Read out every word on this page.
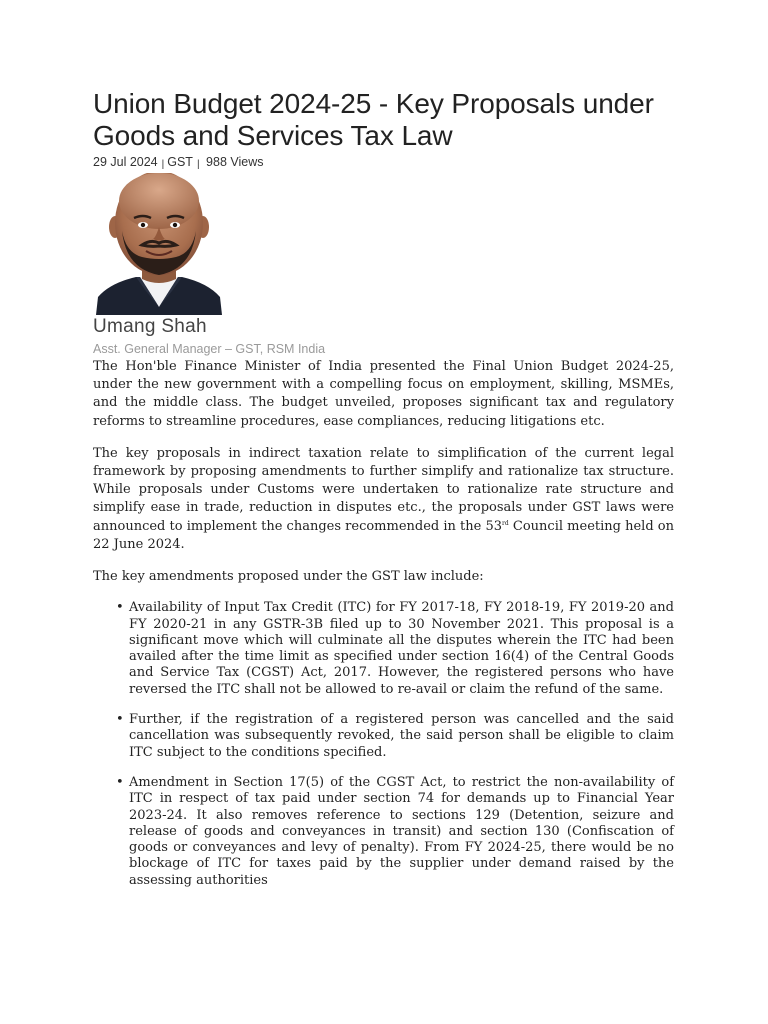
Union Budget 2024-25 - Key Proposals under Goods and Services Tax Law
29 Jul 2024 | GST | 988 Views
Umang Shah
Asst. General Manager – GST, RSM India

The Hon'ble Finance Minister of India presented the Final Union Budget 2024-25, under the new government with a compelling focus on employment, skilling, MSMEs, and the middle class. The budget unveiled, proposes significant tax and regulatory reforms to streamline procedures, ease compliances, reducing litigations etc.

The key proposals in indirect taxation relate to simplification of the current legal framework by proposing amendments to further simplify and rationalize tax structure. While proposals under Customs were undertaken to rationalize rate structure and simplify ease in trade, reduction in disputes etc., the proposals under GST laws were announced to implement the changes recommended in the 53rd Council meeting held on 22 June 2024.

The key amendments proposed under the GST law include:

• Availability of Input Tax Credit (ITC) for FY 2017-18, FY 2018-19, FY 2019-20 and FY 2020-21 in any GSTR-3B filed up to 30 November 2021. This proposal is a significant move which will culminate all the disputes wherein the ITC had been availed after the time limit as specified under section 16(4) of the Central Goods and Service Tax (CGST) Act, 2017. However, the registered persons who have reversed the ITC shall not be allowed to re-avail or claim the refund of the same.
• Further, if the registration of a registered person was cancelled and the said cancellation was subsequently revoked, the said person shall be eligible to claim ITC subject to the conditions specified.
• Amendment in Section 17(5) of the CGST Act, to restrict the non-availability of ITC in respect of tax paid under section 74 for demands up to Financial Year 2023-24. It also removes reference to sections 129 (Detention, seizure and release of goods and conveyances in transit) and section 130 (Confiscation of goods or conveyances and levy of penalty). From FY 2024-25, there would be no blockage of ITC for taxes paid by the supplier under demand raised by the assessing authorities
